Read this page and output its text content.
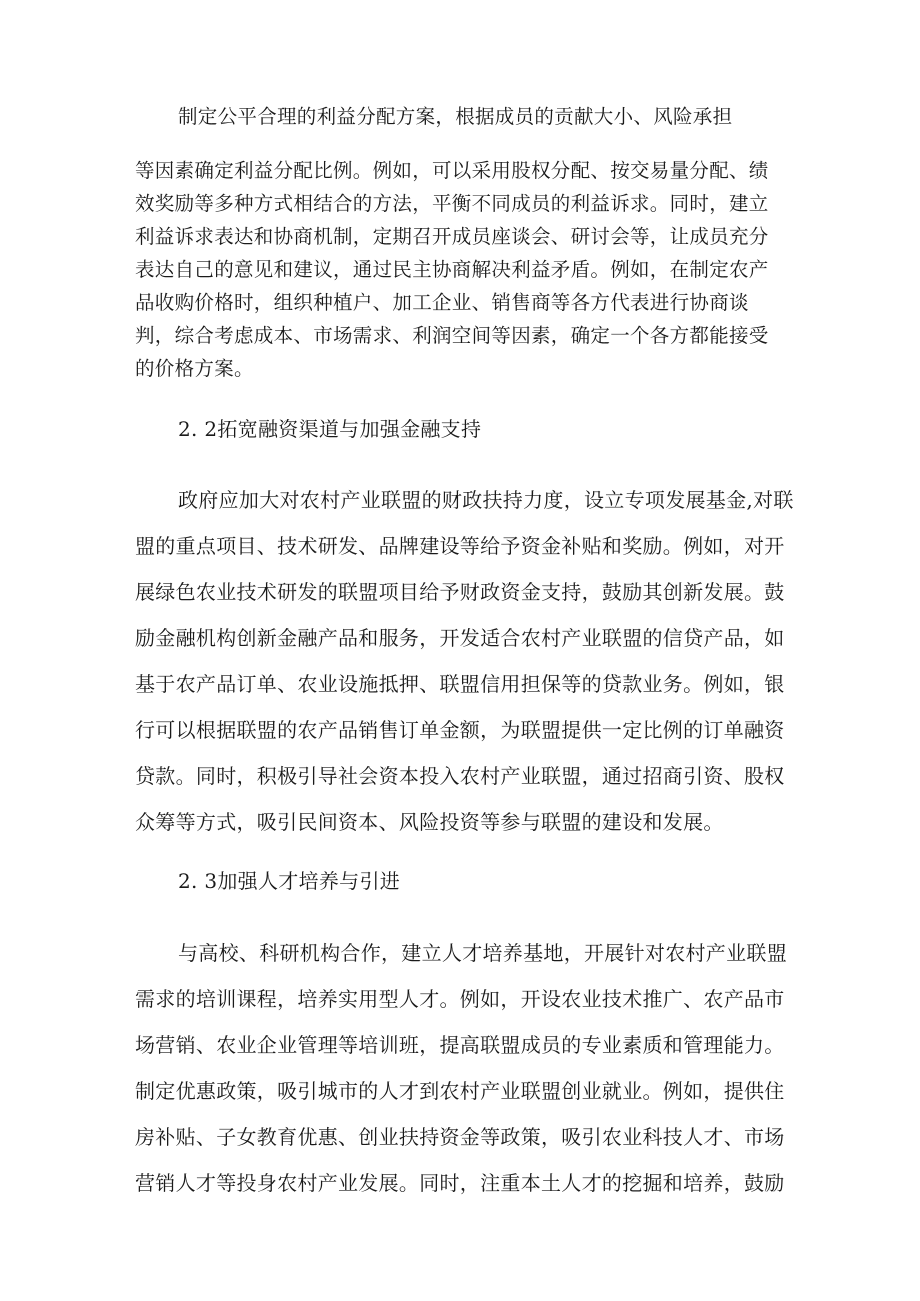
制定公平合理的利益分配方案，根据成员的贡献大小、风险承担
等因素确定利益分配比例。例如，可以采用股权分配、按交易量分配、绩
效奖励等多种方式相结合的方法，平衡不同成员的利益诉求。同时，建立
利益诉求表达和协商机制，定期召开成员座谈会、研讨会等，让成员充分
表达自己的意见和建议，通过民主协商解决利益矛盾。例如，在制定农产
品收购价格时，组织种植户、加工企业、销售商等各方代表进行协商谈
判，综合考虑成本、市场需求、利润空间等因素，确定一个各方都能接受
的价格方案。
2. 2拓宽融资渠道与加强金融支持
政府应加大对农村产业联盟的财政扶持力度，设立专项发展基金,对联
盟的重点项目、技术研发、品牌建设等给予资金补贴和奖励。例如，对开
展绿色农业技术研发的联盟项目给予财政资金支持，鼓励其创新发展。鼓
励金融机构创新金融产品和服务，开发适合农村产业联盟的信贷产品，如
基于农产品订单、农业设施抵押、联盟信用担保等的贷款业务。例如，银
行可以根据联盟的农产品销售订单金额，为联盟提供一定比例的订单融资
贷款。同时，积极引导社会资本投入农村产业联盟，通过招商引资、股权
众筹等方式，吸引民间资本、风险投资等参与联盟的建设和发展。
2. 3加强人才培养与引进
与高校、科研机构合作，建立人才培养基地，开展针对农村产业联盟
需求的培训课程，培养实用型人才。例如，开设农业技术推广、农产品市
场营销、农业企业管理等培训班，提高联盟成员的专业素质和管理能力。
制定优惠政策，吸引城市的人才到农村产业联盟创业就业。例如，提供住
房补贴、子女教育优惠、创业扶持资金等政策，吸引农业科技人才、市场
营销人才等投身农村产业发展。同时，注重本土人才的挖掘和培养，鼓励
